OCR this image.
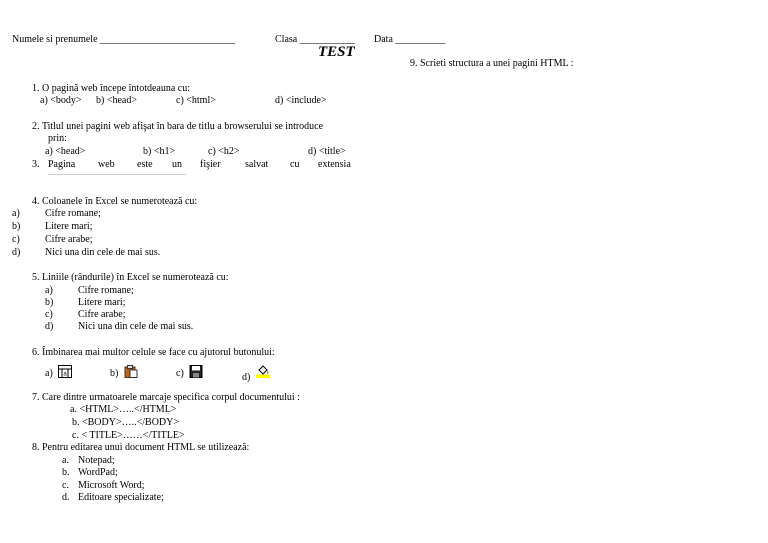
Numele si prenumele ___________________________	Clasa ___________ Data __________
TEST
9. Scrieti structura a unei pagini HTML :
1. O pagină web începe întotdeauna cu:
a) <body> b) <head>	c) <html>	d) <include>
2. Titlul unei pagini web afişat în bara de titlu a browserului se introduce
prin:
a) <head>	b) <h1>	c) <h2>	d) <title>
3. Pagina web este un fişier salvat cu extensia
……………………………………………………………
4. Coloanele în Excel se numerotează cu:
a)	Cifre romane;
b) Litere mari;
c)	Cifre arabe;
d) Nici una din cele de mai sus.
5. Liniile (rândurile) în Excel se numerotează cu:
a)	Cifre romane;
b) Litere mari;
c)	Cifre arabe;
d) Nici una din cele de mai sus.
6. Îmbinarea mai multor celule se face cu ajutorul butonului:
a) a	b)	c)	d)
7. Care dintre urmatoarele marcaje specifica corpul documentului :
a. <HTML>…..</HTML>
b. <BODY>…..</BODY>
c. < TITLE>……</TITLE>
8. Pentru editarea unui document HTML se utilizează:
a. Notepad;
b. WordPad;
c. Microsoft Word;
d. Editoare specializate;
